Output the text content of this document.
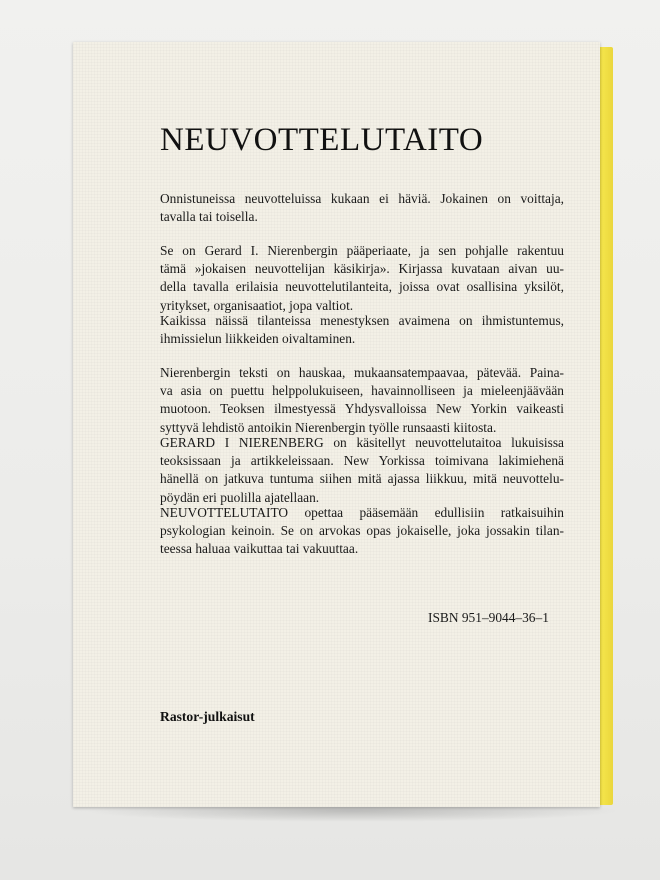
NEUVOTTELUTAITO

Onnistuneissa neuvotteluissa kukaan ei häviä. Jokainen on voittaja,
tavalla tai toisella.

Se on Gerard I. Nierenbergin pääperiaate, ja sen pohjalle rakentuu
tämä »jokaisen neuvottelijan käsikirja». Kirjassa kuvataan aivan uu-
della tavalla erilaisia neuvottelutilanteita, joissa ovat osallisina yksilöt,
yritykset, organisaatiot, jopa valtiot.

Kaikissa näissä tilanteissa menestyksen avaimena on ihmistuntemus,
ihmissielun liikkeiden oivaltaminen.

Nierenbergin teksti on hauskaa, mukaansatempaavaa, pätevää. Paina-
va asia on puettu helppolukuiseen, havainnolliseen ja mieleenjäävään
muotoon. Teoksen ilmestyessä Yhdysvalloissa New Yorkin vaikeasti
syttyvä lehdistö antoikin Nierenbergin työlle runsaasti kiitosta.

GERARD I NIERENBERG on käsitellyt neuvottelutaitoa lukuisissa
teoksissaan ja artikkeleissaan. New Yorkissa toimivana lakimiehenä
hänellä on jatkuva tuntuma siihen mitä ajassa liikkuu, mitä neuvottelu-
pöydän eri puolilla ajatellaan.

NEUVOTTELUTAITO opettaa pääsemään edullisiin ratkaisuihin
psykologian keinoin. Se on arvokas opas jokaiselle, joka jossakin tilan-
teessa haluaa vaikuttaa tai vakuuttaa.

ISBN 951–9044–36–1

Rastor-julkaisut
